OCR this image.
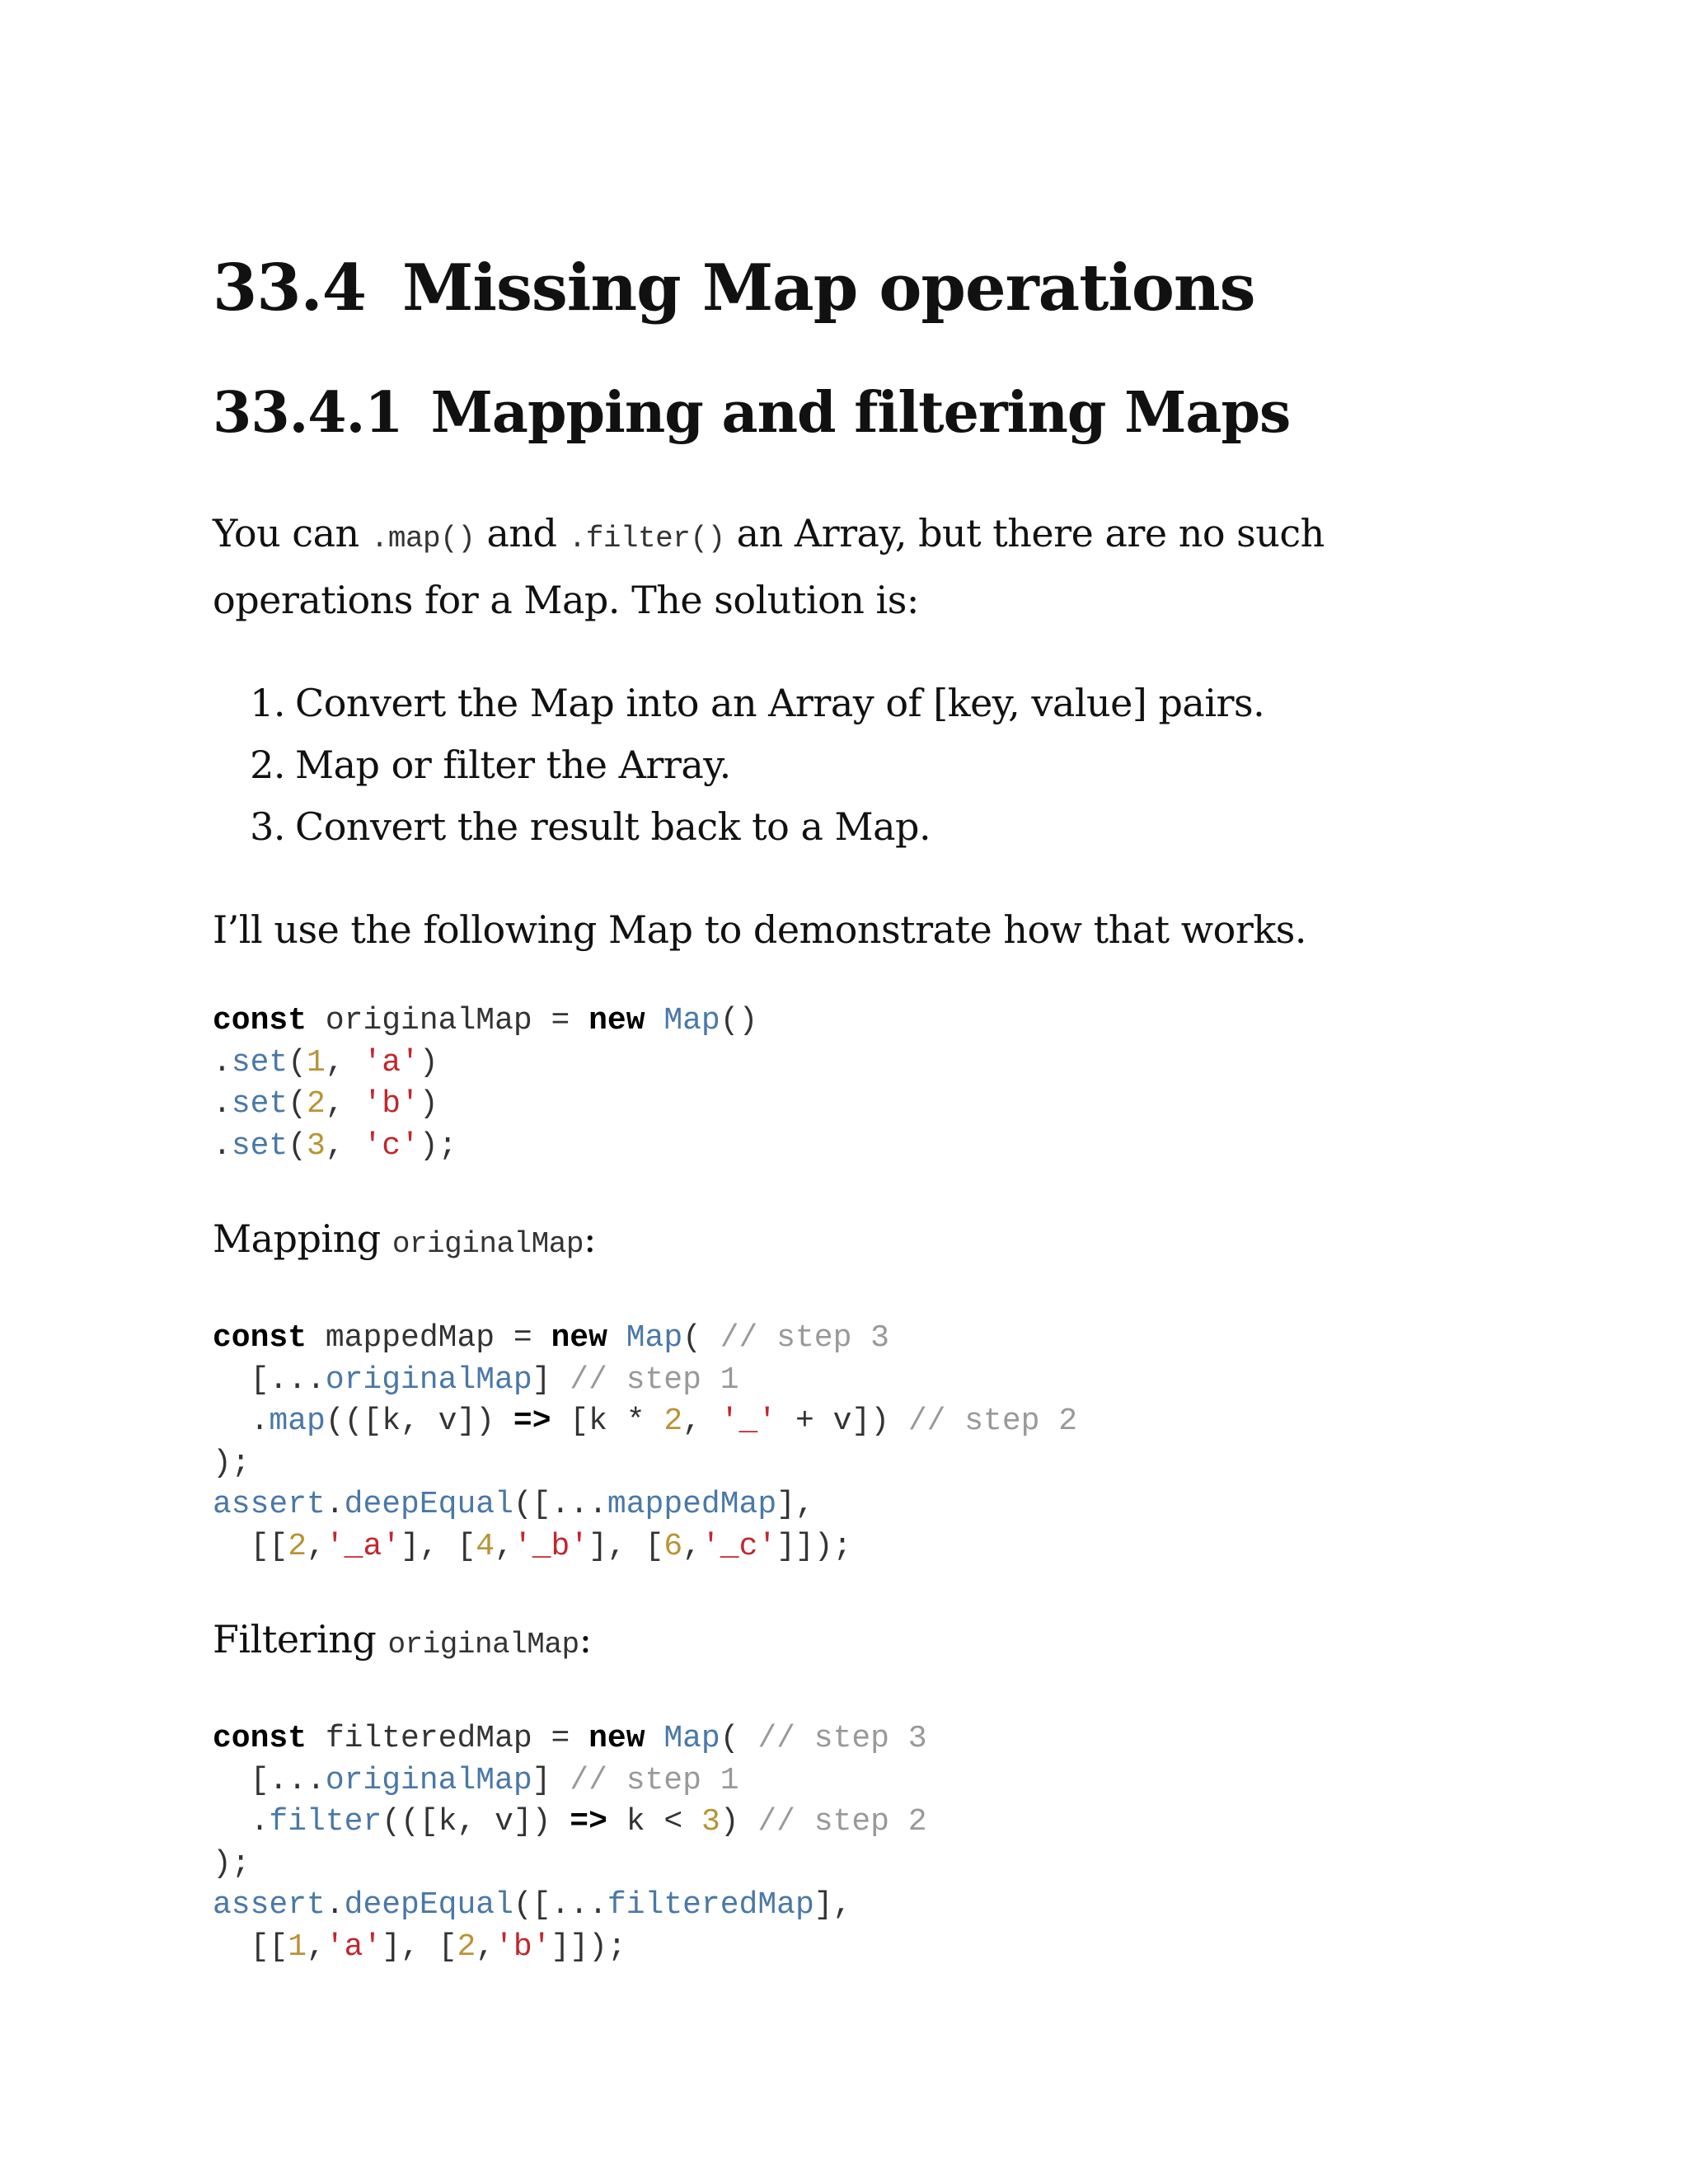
33.4 Missing Map operations
33.4.1 Mapping and filtering Maps

You can .map() and .filter() an Array, but there are no such operations for a Map. The solution is:

1. Convert the Map into an Array of [key, value] pairs.
2. Map or filter the Array.
3. Convert the result back to a Map.

I’ll use the following Map to demonstrate how that works.

const originalMap = new Map()
.set(1, 'a')
.set(2, 'b')
.set(3, 'c');

Mapping originalMap:

const mappedMap = new Map( // step 3
[...originalMap] // step 1
.map(([k, v]) => [k * 2, '_' + v]) // step 2
);
assert.deepEqual([...mappedMap],
[[2,'_a'], [4,'_b'], [6,'_c']]);

Filtering originalMap:

const filteredMap = new Map( // step 3
[...originalMap] // step 1
.filter(([k, v]) => k < 3) // step 2
);
assert.deepEqual([...filteredMap],
[[1,'a'], [2,'b']]);
